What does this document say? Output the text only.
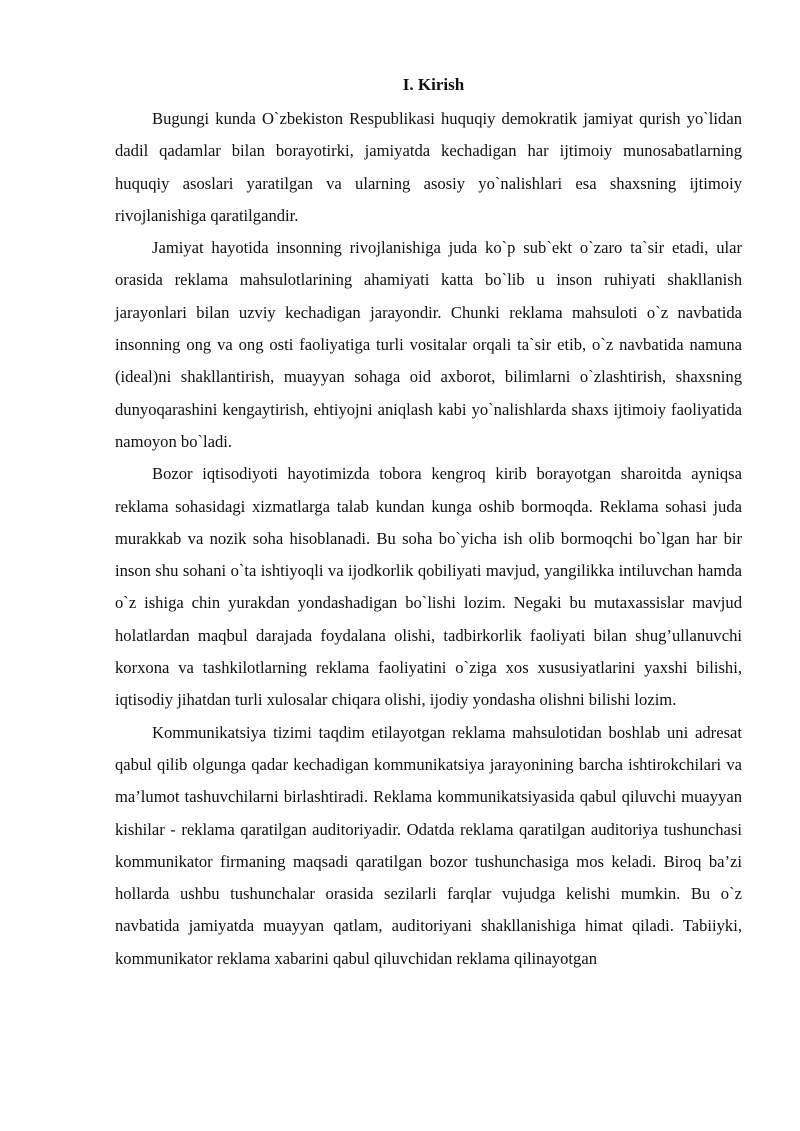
I. Kirish

Bugungi kunda O`zbekiston Respublikasi huquqiy demokratik jamiyat qurish yo`lidan dadil qadamlar bilan borayotirki, jamiyatda kechadigan har ijtimoiy munosabatlarning huquqiy asoslari yaratilgan va ularning asosiy yo`nalishlari esa shaxsning ijtimoiy rivojlanishiga qaratilgandir.

Jamiyat hayotida insonning rivojlanishiga juda ko`p sub`ekt o`zaro ta`sir etadi, ular orasida reklama mahsulotlarining ahamiyati katta bo`lib u inson ruhiyati shakllanish jarayonlari bilan uzviy kechadigan jarayondir. Chunki reklama mahsuloti o`z navbatida insonning ong va ong osti faoliyatiga turli vositalar orqali ta`sir etib, o`z navbatida namuna (ideal)ni shakllantirish, muayyan sohaga oid axborot, bilimlarni o`zlashtirish, shaxsning dunyoqarashini kengaytirish, ehtiyojni aniqlash kabi yo`nalishlarda shaxs ijtimoiy faoliyatida namoyon bo`ladi.

Bozor iqtisodiyoti hayotimizda tobora kengroq kirib borayotgan sharoitda ayniqsa reklama sohasidagi xizmatlarga talab kundan kunga oshib bormoqda. Reklama sohasi juda murakkab va nozik soha hisoblanadi. Bu soha bo`yicha ish olib bormoqchi bo`lgan har bir inson shu sohani o`ta ishtiyoqli va ijodkorlik qobiliyati mavjud, yangilikka intiluvchan hamda o`z ishiga chin yurakdan yondashadigan bo`lishi lozim. Negaki bu mutaxassislar mavjud holatlardan maqbul darajada foydalana olishi, tadbirkorlik faoliyati bilan shug’ullanuvchi korxona va tashkilotlarning reklama faoliyatini o`ziga xos xususiyatlarini yaxshi bilishi, iqtisodiy jihatdan turli xulosalar chiqara olishi, ijodiy yondasha olishni bilishi lozim.

Kommunikatsiya tizimi taqdim etilayotgan reklama mahsulotidan boshlab uni adresat qabul qilib olgunga qadar kechadigan kommunikatsiya jarayonining barcha ishtirokchilari va ma’lumot tashuvchilarni birlashtiradi. Reklama kommunikatsiyasida qabul qiluvchi muayyan kishilar - reklama qaratilgan auditoriyadir. Odatda reklama qaratilgan auditoriya tushunchasi kommunikator firmaning maqsadi qaratilgan bozor tushunchasiga mos keladi. Biroq ba’zi hollarda ushbu tushunchalar orasida sezilarli farqlar vujudga kelishi mumkin. Bu o`z navbatida jamiyatda muayyan qatlam, auditoriyani shakllanishiga himat qiladi. Tabiiyki, kommunikator reklama xabarini qabul qiluvchidan reklama qilinayotgan
